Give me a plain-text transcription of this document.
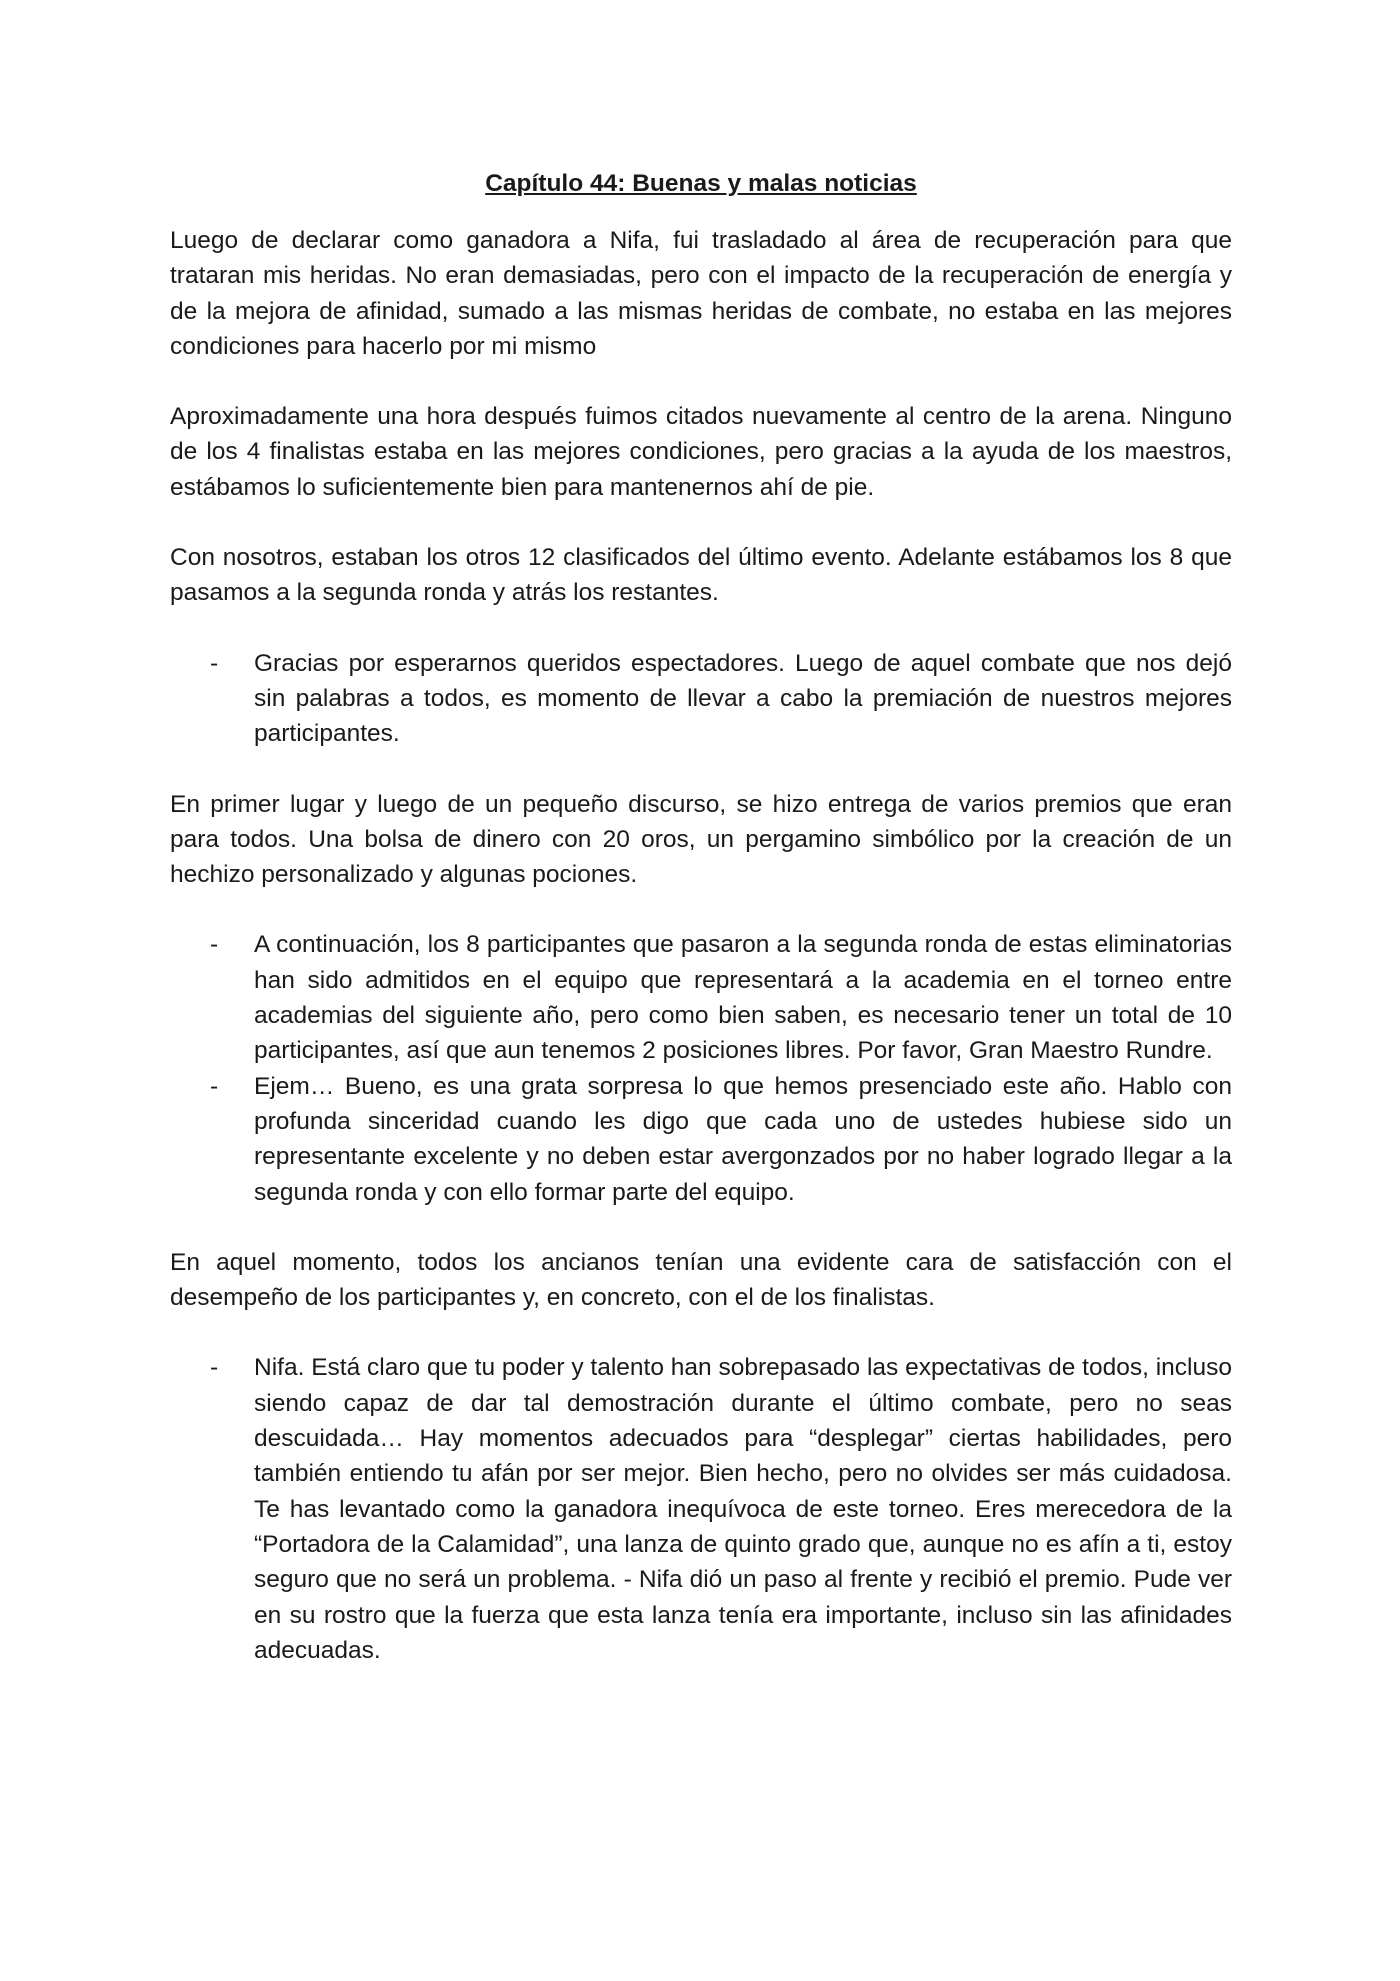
Capítulo 44: Buenas y malas noticias

Luego de declarar como ganadora a Nifa, fui trasladado al área de recuperación para que trataran mis heridas. No eran demasiadas, pero con el impacto de la recuperación de energía y de la mejora de afinidad, sumado a las mismas heridas de combate, no estaba en las mejores condiciones para hacerlo por mi mismo

Aproximadamente una hora después fuimos citados nuevamente al centro de la arena. Ninguno de los 4 finalistas estaba en las mejores condiciones, pero gracias a la ayuda de los maestros, estábamos lo suficientemente bien para mantenernos ahí de pie.

Con nosotros, estaban los otros 12 clasificados del último evento. Adelante estábamos los 8 que pasamos a la segunda ronda y atrás los restantes.

- Gracias por esperarnos queridos espectadores. Luego de aquel combate que nos dejó sin palabras a todos, es momento de llevar a cabo la premiación de nuestros mejores participantes.

En primer lugar y luego de un pequeño discurso, se hizo entrega de varios premios que eran para todos. Una bolsa de dinero con 20 oros, un pergamino simbólico por la creación de un hechizo personalizado y algunas pociones.

- A continuación, los 8 participantes que pasaron a la segunda ronda de estas eliminatorias han sido admitidos en el equipo que representará a la academia en el torneo entre academias del siguiente año, pero como bien saben, es necesario tener un total de 10 participantes, así que aun tenemos 2 posiciones libres. Por favor, Gran Maestro Rundre.
- Ejem… Bueno, es una grata sorpresa lo que hemos presenciado este año. Hablo con profunda sinceridad cuando les digo que cada uno de ustedes hubiese sido un representante excelente y no deben estar avergonzados por no haber logrado llegar a la segunda ronda y con ello formar parte del equipo.

En aquel momento, todos los ancianos tenían una evidente cara de satisfacción con el desempeño de los participantes y, en concreto, con el de los finalistas.

- Nifa. Está claro que tu poder y talento han sobrepasado las expectativas de todos, incluso siendo capaz de dar tal demostración durante el último combate, pero no seas descuidada… Hay momentos adecuados para “desplegar” ciertas habilidades, pero también entiendo tu afán por ser mejor. Bien hecho, pero no olvides ser más cuidadosa. Te has levantado como la ganadora inequívoca de este torneo. Eres merecedora de la “Portadora de la Calamidad”, una lanza de quinto grado que, aunque no es afín a ti, estoy seguro que no será un problema. - Nifa dió un paso al frente y recibió el premio. Pude ver en su rostro que la fuerza que esta lanza tenía era importante, incluso sin las afinidades adecuadas.
